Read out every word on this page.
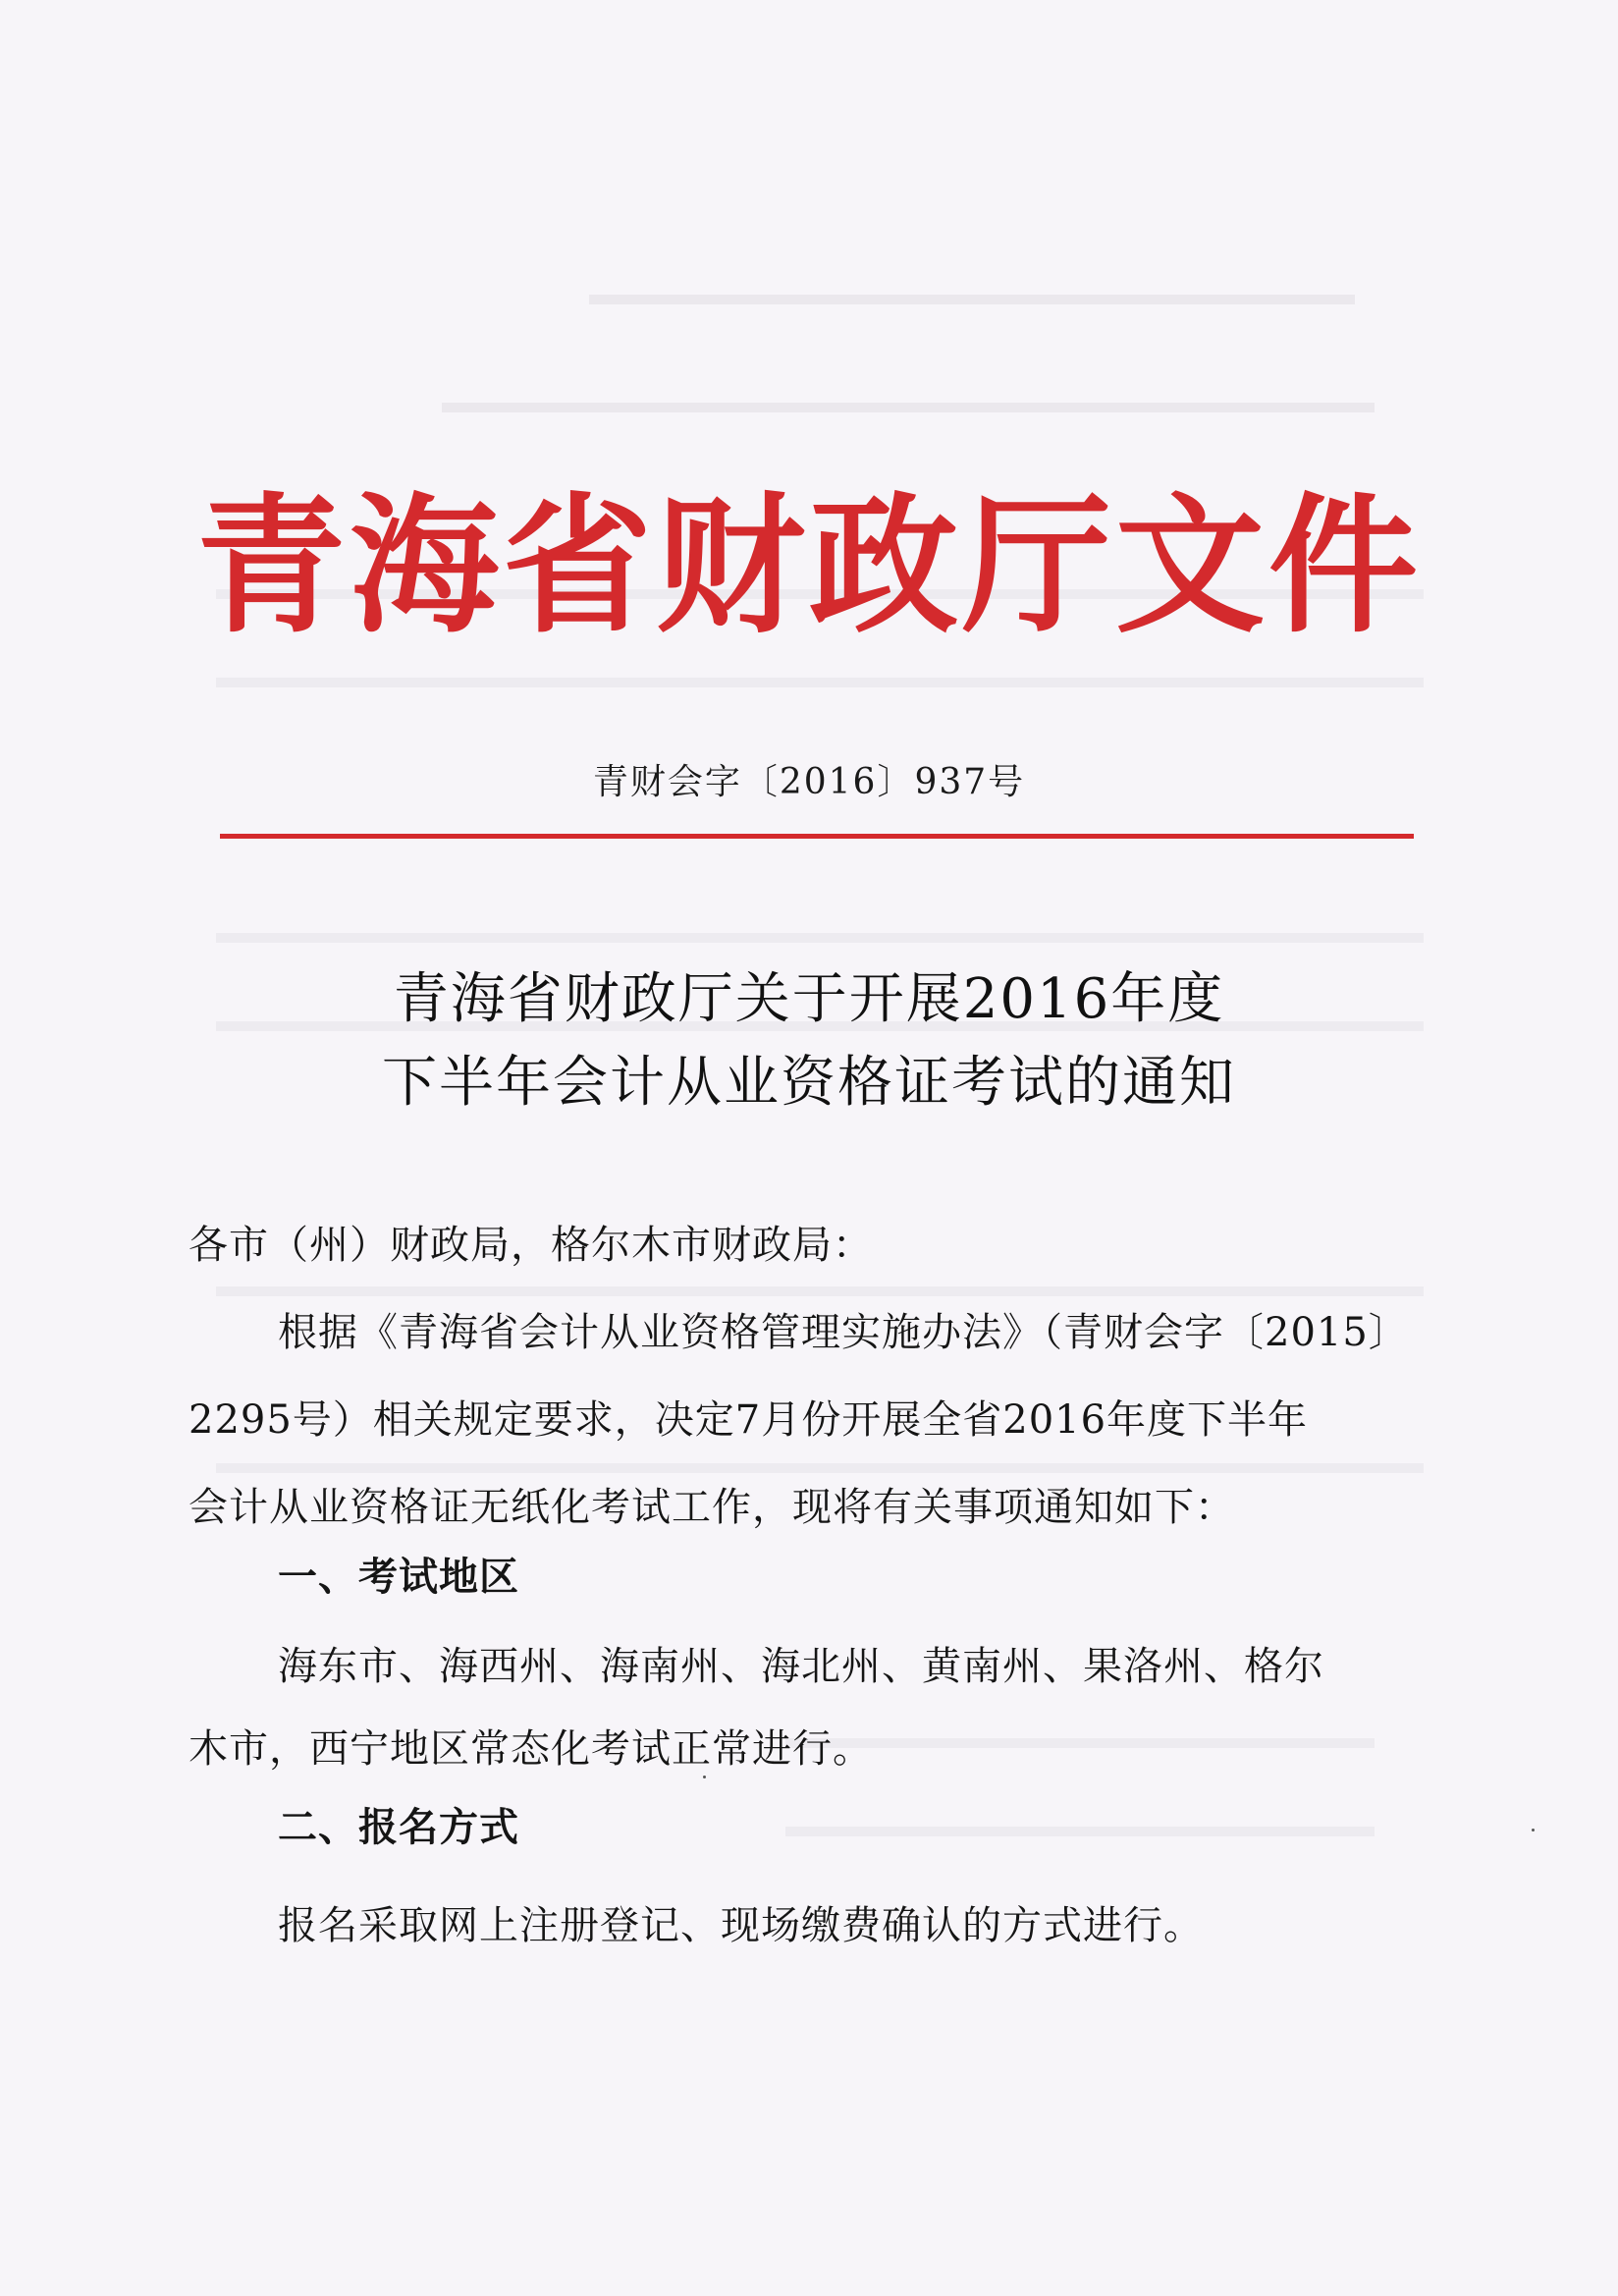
青海省财政厅文件
青财会字〔2016〕937号
青海省财政厅关于开展2016年度
下半年会计从业资格证考试的通知
各市（州）财政局，格尔木市财政局：
根据《青海省会计从业资格管理实施办法》（青财会字〔2015〕
2295号）相关规定要求，决定7月份开展全省2016年度下半年
会计从业资格证无纸化考试工作，现将有关事项通知如下：
一、考试地区
海东市、海西州、海南州、海北州、黄南州、果洛州、格尔
木市，西宁地区常态化考试正常进行。
二、报名方式
报名采取网上注册登记、现场缴费确认的方式进行。
